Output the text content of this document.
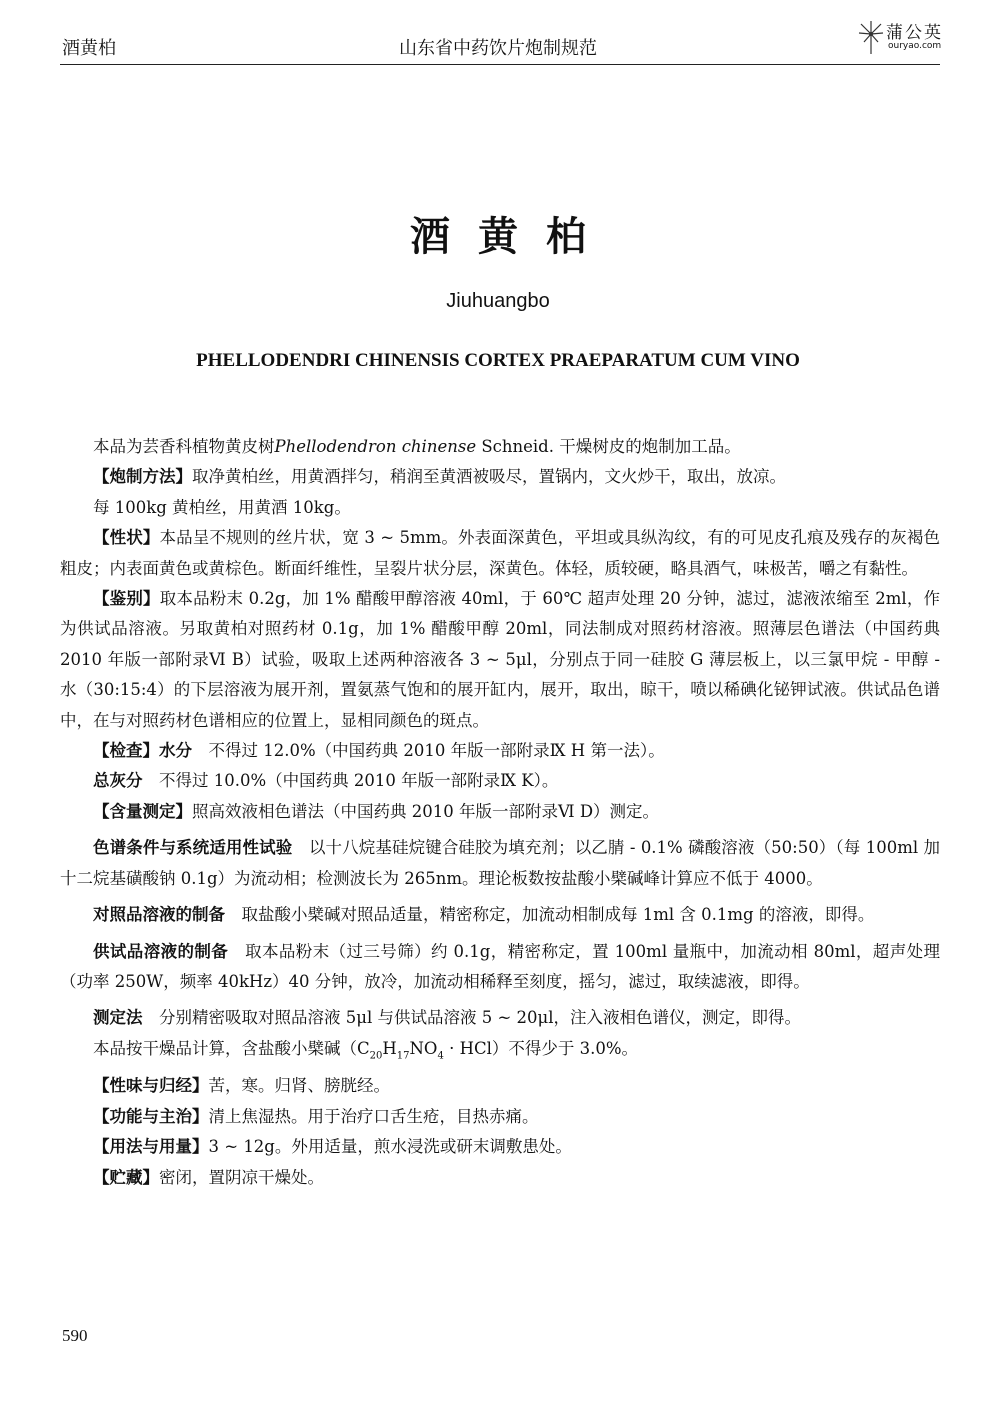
酒黄柏	山东省中药饮片炮制规范
蒲公英
ouryao.com
酒黄柏
Jiuhuangbo
PHELLODENDRI CHINENSIS CORTEX PRAEPARATUM CUM VINO

本品为芸香科植物黄皮树Phellodendron chinense Schneid. 干燥树皮的炮制加工品。

【炮制方法】取净黄柏丝，用黄酒拌匀，稍润至黄酒被吸尽，置锅内，文火炒干，取出，放凉。

每 100kg 黄柏丝，用黄酒 10kg。

【性状】本品呈不规则的丝片状，宽 3 ~ 5mm。外表面深黄色，平坦或具纵沟纹，有的可见皮孔痕及残存的灰褐色粗皮；内表面黄色或黄棕色。断面纤维性，呈裂片状分层，深黄色。体轻，质较硬，略具酒气，味极苦，嚼之有黏性。

【鉴别】取本品粉末 0.2g，加 1% 醋酸甲醇溶液 40ml，于 60℃ 超声处理 20 分钟，滤过，滤液浓缩至 2ml，作为供试品溶液。另取黄柏对照药材 0.1g，加 1% 醋酸甲醇 20ml，同法制成对照药材溶液。照薄层色谱法（中国药典 2010 年版一部附录Ⅵ B）试验，吸取上述两种溶液各 3 ~ 5μl，分别点于同一硅胶 G 薄层板上，以三氯甲烷 - 甲醇 - 水（30:15:4）的下层溶液为展开剂，置氨蒸气饱和的展开缸内，展开，取出，晾干，喷以稀碘化铋钾试液。供试品色谱中，在与对照药材色谱相应的位置上，显相同颜色的斑点。

【检查】水分　不得过 12.0%（中国药典 2010 年版一部附录Ⅸ H 第一法）。

总灰分　不得过 10.0%（中国药典 2010 年版一部附录Ⅸ K）。

【含量测定】照高效液相色谱法（中国药典 2010 年版一部附录Ⅵ D）测定。

色谱条件与系统适用性试验　以十八烷基硅烷键合硅胶为填充剂；以乙腈 - 0.1% 磷酸溶液（50:50）（每 100ml 加十二烷基磺酸钠 0.1g）为流动相；检测波长为 265nm。理论板数按盐酸小檗碱峰计算应不低于 4000。

对照品溶液的制备　取盐酸小檗碱对照品适量，精密称定，加流动相制成每 1ml 含 0.1mg 的溶液，即得。

供试品溶液的制备　取本品粉末（过三号筛）约 0.1g，精密称定，置 100ml 量瓶中，加流动相 80ml，超声处理（功率 250W，频率 40kHz）40 分钟，放冷，加流动相稀释至刻度，摇匀，滤过，取续滤液，即得。

测定法　分别精密吸取对照品溶液 5μl 与供试品溶液 5 ~ 20μl，注入液相色谱仪，测定，即得。

本品按干燥品计算，含盐酸小檗碱$(C_{20}H_{17}NO_4 \cdot HCl)$不得少于 3.0%。

【性味与归经】苦，寒。归肾、膀胱经。

【功能与主治】清上焦湿热。用于治疗口舌生疮，目热赤痛。

【用法与用量】3 ~ 12g。外用适量，煎水浸洗或研末调敷患处。

【贮藏】密闭，置阴凉干燥处。

590
